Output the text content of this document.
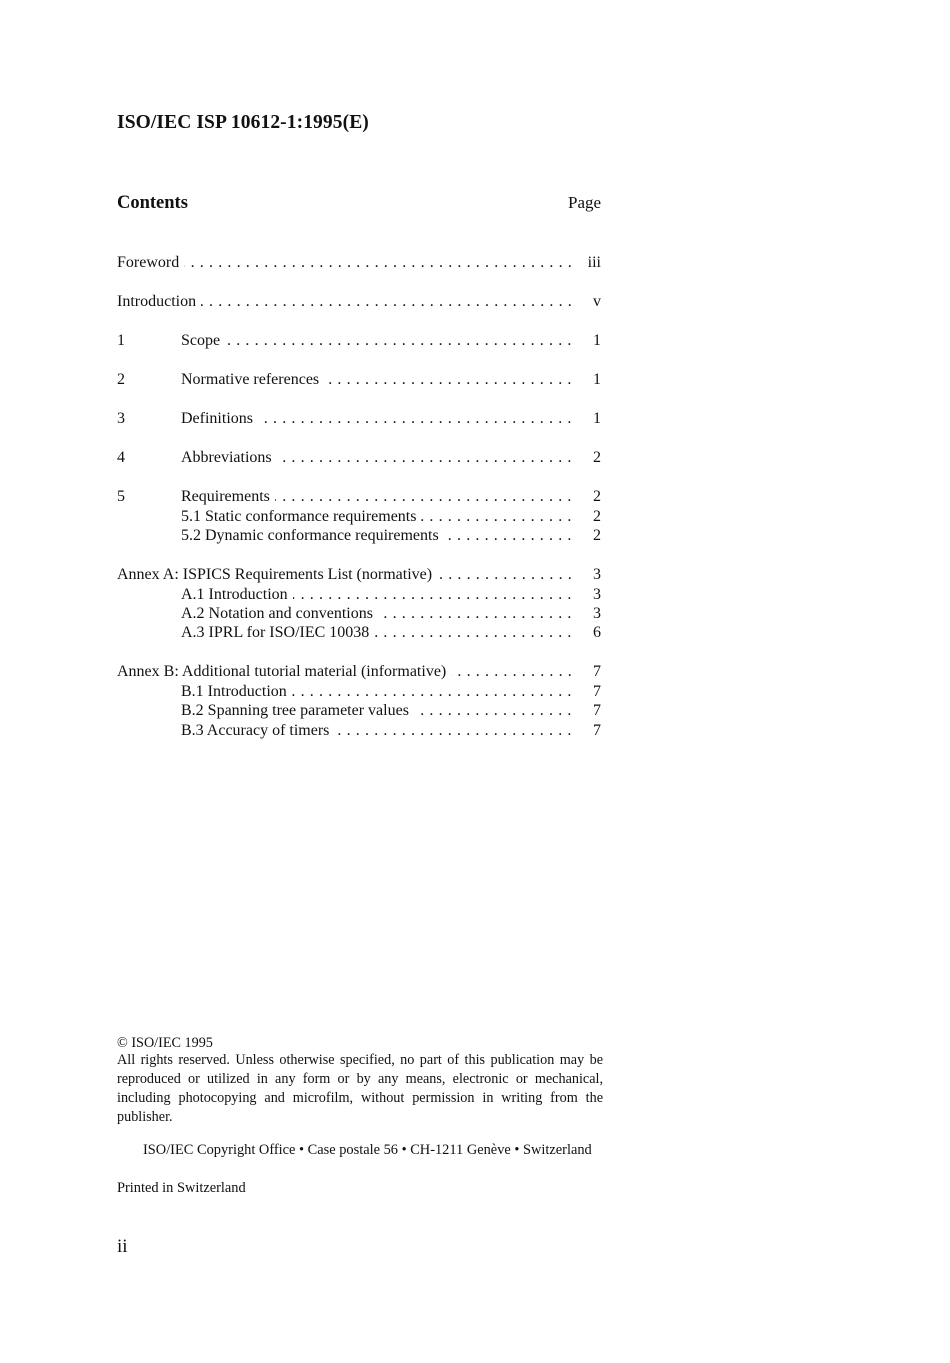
ISO/IEC ISP 10612-1:1995(E)
Contents	Page
Foreword . . .	iii
Introduction . . .	v
1	Scope . . .	1
2	Normative references . . .	1
3	Definitions . . .	1
4	Abbreviations . . .	2
5	Requirements . . .	2
5.1 Static conformance requirements . . .	2
5.2 Dynamic conformance requirements . . .	2
Annex A: ISPICS Requirements List (normative) . . .	3
A.1 Introduction . . .	3
A.2 Notation and conventions . . .	3
A.3 IPRL for ISO/IEC 10038 . . .	6
Annex B: Additional tutorial material (informative) . . .	7
B.1 Introduction . . .	7
B.2 Spanning tree parameter values . . .	7
B.3 Accuracy of timers . . .	7
© ISO/IEC 1995
All rights reserved. Unless otherwise specified, no part of this publication may be reproduced or utilized in any form or by any means, electronic or mechanical, including photocopying and microfilm, without permission in writing from the publisher.
ISO/IEC Copyright Office • Case postale 56 • CH-1211 Genève • Switzerland
Printed in Switzerland
ii
